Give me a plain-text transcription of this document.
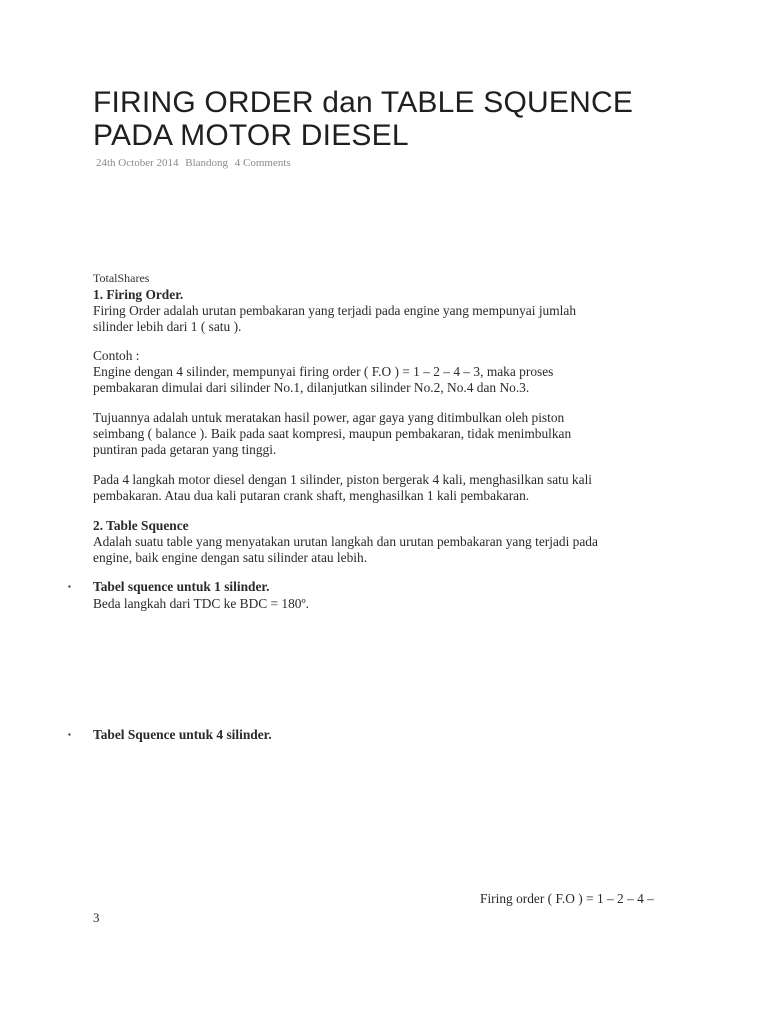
FIRING ORDER dan TABLE SQUENCE
PADA MOTOR DIESEL
24th October 2014 Blandong 4 Comments
TotalShares

1. Firing Order.

Firing Order adalah urutan pembakaran yang terjadi pada engine yang mempunyai jumlah
silinder lebih dari 1 ( satu ).

Contoh :

Engine dengan 4 silinder, mempunyai firing order ( F.O ) = 1 – 2 – 4 – 3, maka proses
pembakaran dimulai dari silinder No.1, dilanjutkan silinder No.2, No.4 dan No.3.

Tujuannya adalah untuk meratakan hasil power, agar gaya yang ditimbulkan oleh piston
seimbang ( balance ). Baik pada saat kompresi, maupun pembakaran, tidak menimbulkan
puntiran pada getaran yang tinggi.

Pada 4 langkah motor diesel dengan 1 silinder, piston bergerak 4 kali, menghasilkan satu kali
pembakaran. Atau dua kali putaran crank shaft, menghasilkan 1 kali pembakaran.

2. Table Squence

Adalah suatu table yang menyatakan urutan langkah dan urutan pembakaran yang terjadi pada
engine, baik engine dengan satu silinder atau lebih.

▪ Tabel squence untuk 1 silinder.
Beda langkah dari TDC ke BDC = 180º.
▪ Tabel Squence untuk 4 silinder.
Firing order ( F.O ) = 1 – 2 – 4 –
3
